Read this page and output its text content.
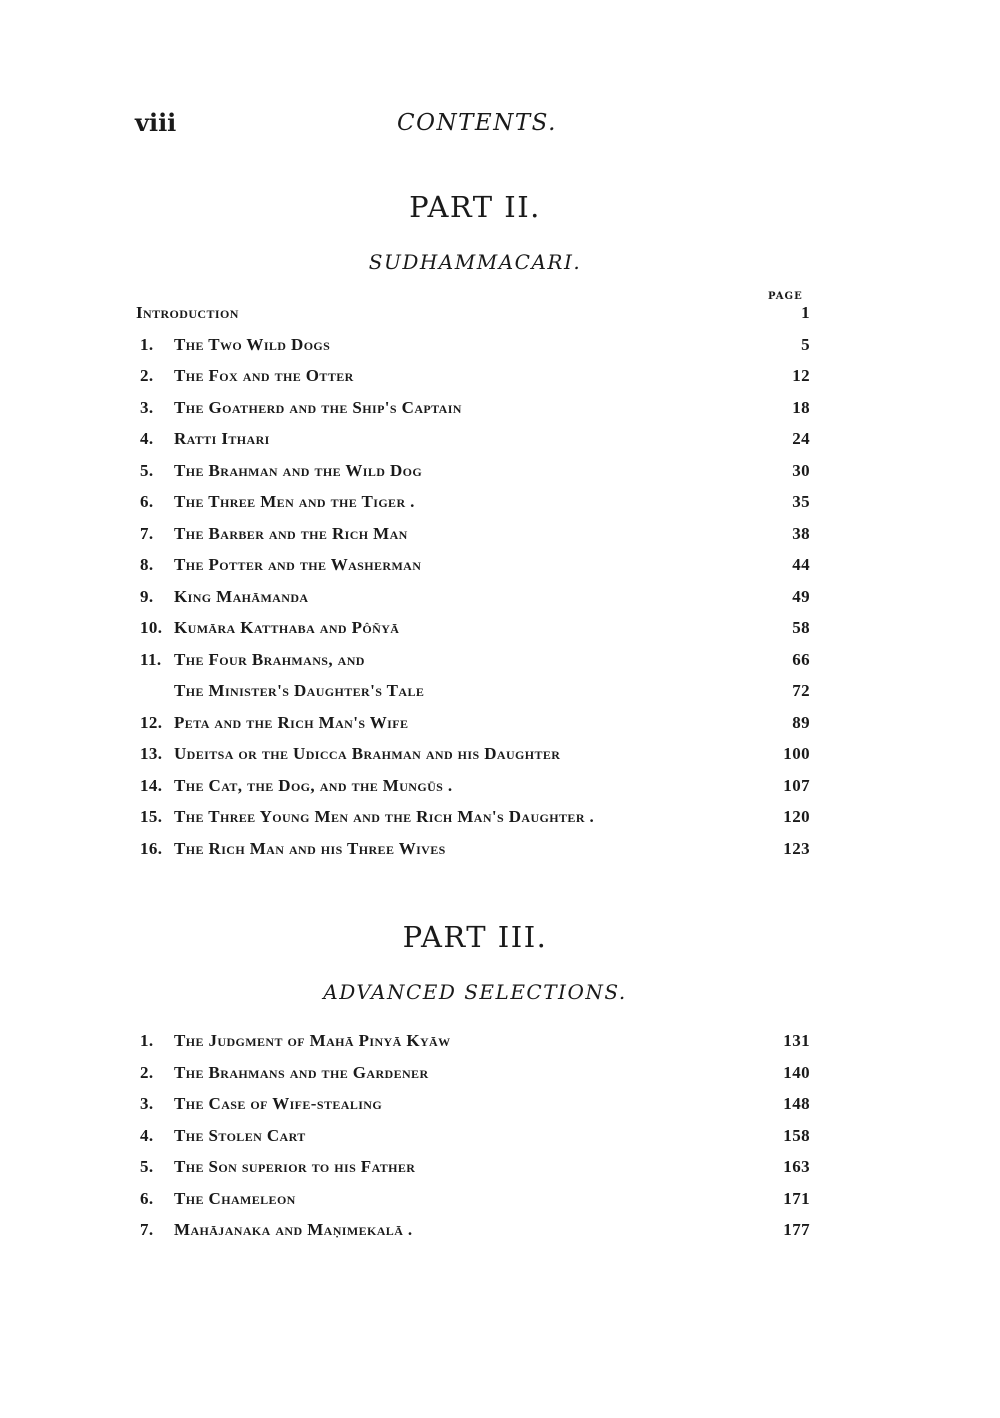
viii	CONTENTS.
PART II.
SUDHAMMACARI.
PAGE
Introduction	1
1.	The Two Wild Dogs	5
2.	The Fox and the Otter	12
3.	The Goatherd and the Ship's Captain	18
4.	Ratti Ithari	24
5.	The Brahman and the Wild Dog	30
6.	The Three Men and the Tiger .	35
7.	The Barber and the Rich Man	38
8.	The Potter and the Washerman	44
9.	King Mahāmanda	49
10. Kumāra Katthaba and Pôñyā	58
11. The Four Brahmans, and	66
The Minister's Daughter's Tale	72
12. Peta and the Rich Man's Wife	89
13. Udeitsa or the Udicca Brahman and his Daughter	100
14. The Cat, the Dog, and the Mungūs .	107
15. The Three Young Men and the Rich Man's Daughter .	120
16. The Rich Man and his Three Wives	123
PART III.
ADVANCED SELECTIONS.
1.	The Judgment of Mahā Pinyā Kyāw	131
2.	The Brahmans and the Gardener	140
3.	The Case of Wife-stealing	148
4.	The Stolen Cart	158
5.	The Son superior to his Father	163
6.	The Chameleon	171
7.	Mahājanaka and Maṇimekalā .	177
